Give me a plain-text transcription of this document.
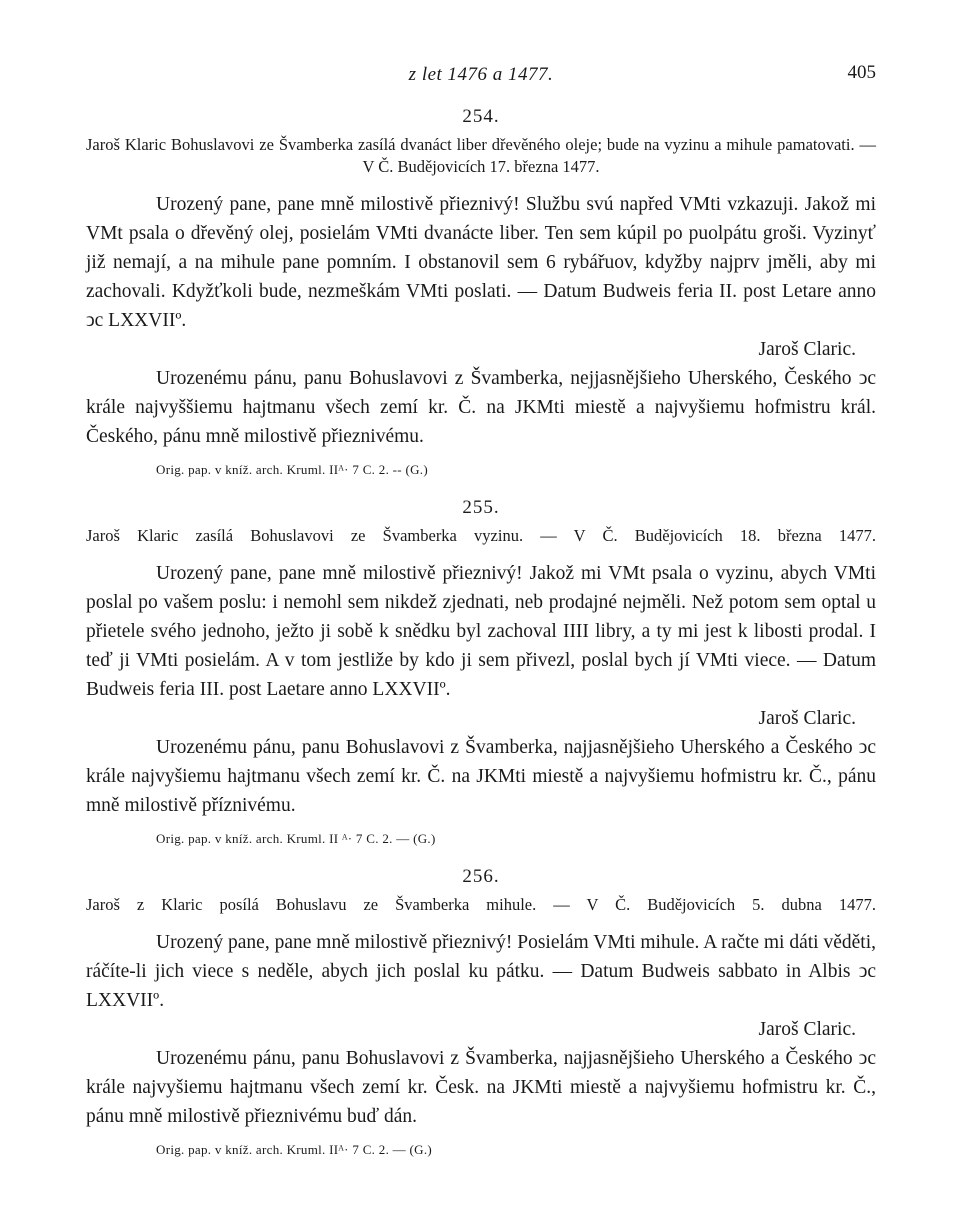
z let 1476 a 1477.	405
254.

Jaroš Klaric Bohuslavovi ze Švamberka zasílá dvanáct liber dřevěného oleje; bude na vyzinu a mihule pamatovati. — V Č. Budějovicích 17. března 1477.

Urozený pane, pane mně milostivě přieznivý! Službu svú napřed VMti vzkazuji. Jakož mi VMt psala o dřevěný olej, posielám VMti dvanácte liber. Ten sem kúpil po puolpátu groši. Vyzinyť již nemají, a na mihule pane pomním. I obstanovil sem 6 rybářuov, kdyžby najprv jměli, aby mi zachovali. Kdyžťkoli bude, nezmeškám VMti poslati. — Datum Budweis feria II. post Letare anno ͻc LXXVIIº.

Jaroš Claric.

Urozenému pánu, panu Bohuslavovi z Švamberka, nejjasnějšieho Uherského, Českého ͻc krále najvyššiemu hajtmanu všech zemí kr. Č. na JKMti miestě a najvyšiemu hofmistru král. Českého, pánu mně milostivě přieznivému.

Orig. pap. v kníž. arch. Kruml. IIᴬ· 7 C. 2. -- (G.)
255.

Jaroš Klaric zasílá Bohuslavovi ze Švamberka vyzinu. — V Č. Budějovicích 18. března 1477.

Urozený pane, pane mně milostivě přieznivý! Jakož mi VMt psala o vyzinu, abych VMti poslal po vašem poslu: i nemohl sem nikdež zjednati, neb prodajné nejměli. Než potom sem optal u přietele svého jednoho, ježto ji sobě k snědku byl zachoval IIII libry, a ty mi jest k libosti prodal. I teď ji VMti posielám. A v tom jestliže by kdo ji sem přivezl, poslal bych jí VMti viece. — Datum Budweis feria III. post Laetare anno LXXVIIº.

Jaroš Claric.

Urozenému pánu, panu Bohuslavovi z Švamberka, najjasnějšieho Uherského a Českého ͻc krále najvyšiemu hajtmanu všech zemí kr. Č. na JKMti miestě a najvyšiemu hofmistru kr. Č., pánu mně milostivě příznivému.

Orig. pap. v kníž. arch. Kruml. II ᴬ· 7 C. 2. — (G.)
256.

Jaroš z Klaric posílá Bohuslavu ze Švamberka mihule. — V Č. Budějovicích 5. dubna 1477.

Urozený pane, pane mně milostivě přieznivý! Posielám VMti mihule. A račte mi dáti věděti, ráčíte-li jich viece s neděle, abych jich poslal ku pátku. — Datum Budweis sabbato in Albis ͻc LXXVIIº.

Jaroš Claric.

Urozenému pánu, panu Bohuslavovi z Švamberka, najjasnějšieho Uherského a Českého ͻc krále najvyšiemu hajtmanu všech zemí kr. Česk. na JKMti miestě a najvyšiemu hofmistru kr. Č., pánu mně milostivě přieznivému buď dán.

Orig. pap. v kníž. arch. Kruml. IIᴬ· 7 C. 2. — (G.)
